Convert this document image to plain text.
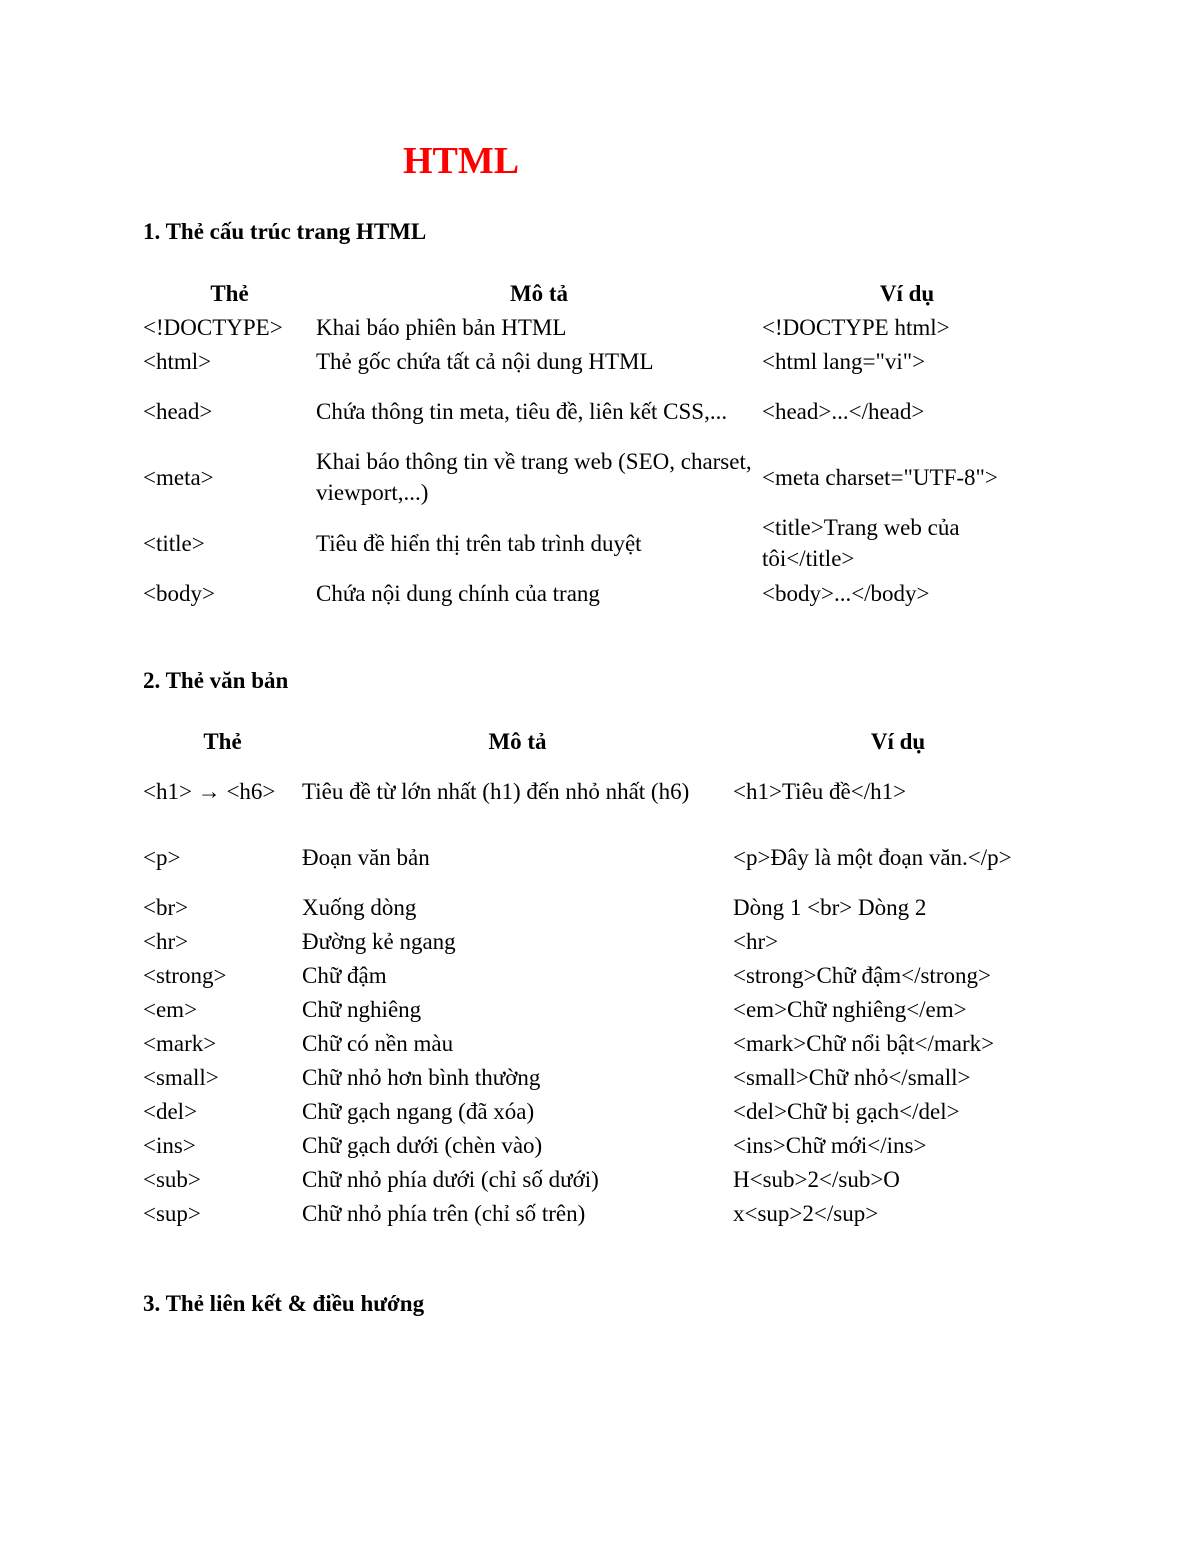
HTML
1. Thẻ cấu trúc trang HTML
Thẻ	Mô tả	Ví dụ
<!DOCTYPE>	Khai báo phiên bản HTML	<!DOCTYPE html>
<html>	Thẻ gốc chứa tất cả nội dung HTML	<html lang="vi">
<head>	Chứa thông tin meta, tiêu đề, liên kết CSS,...	<head>...</head>
<meta>	Khai báo thông tin về trang web (SEO, charset, viewport,...)	<meta charset="UTF-8">
<title>	Tiêu đề hiển thị trên tab trình duyệt	<title>Trang web của tôi</title>
<body>	Chứa nội dung chính của trang	<body>...</body>
2. Thẻ văn bản
Thẻ	Mô tả	Ví dụ
<h1> → <h6>	Tiêu đề từ lớn nhất (h1) đến nhỏ nhất (h6)	<h1>Tiêu đề</h1>
<p>	Đoạn văn bản	<p>Đây là một đoạn văn.</p>
<br>	Xuống dòng	Dòng 1 <br> Dòng 2
<hr>	Đường kẻ ngang	<hr>
<strong>	Chữ đậm	<strong>Chữ đậm</strong>
<em>	Chữ nghiêng	<em>Chữ nghiêng</em>
<mark>	Chữ có nền màu	<mark>Chữ nổi bật</mark>
<small>	Chữ nhỏ hơn bình thường	<small>Chữ nhỏ</small>
<del>	Chữ gạch ngang (đã xóa)	<del>Chữ bị gạch</del>
<ins>	Chữ gạch dưới (chèn vào)	<ins>Chữ mới</ins>
<sub>	Chữ nhỏ phía dưới (chỉ số dưới)	H<sub>2</sub>O
<sup>	Chữ nhỏ phía trên (chỉ số trên)	x<sup>2</sup>
3. Thẻ liên kết & điều hướng
